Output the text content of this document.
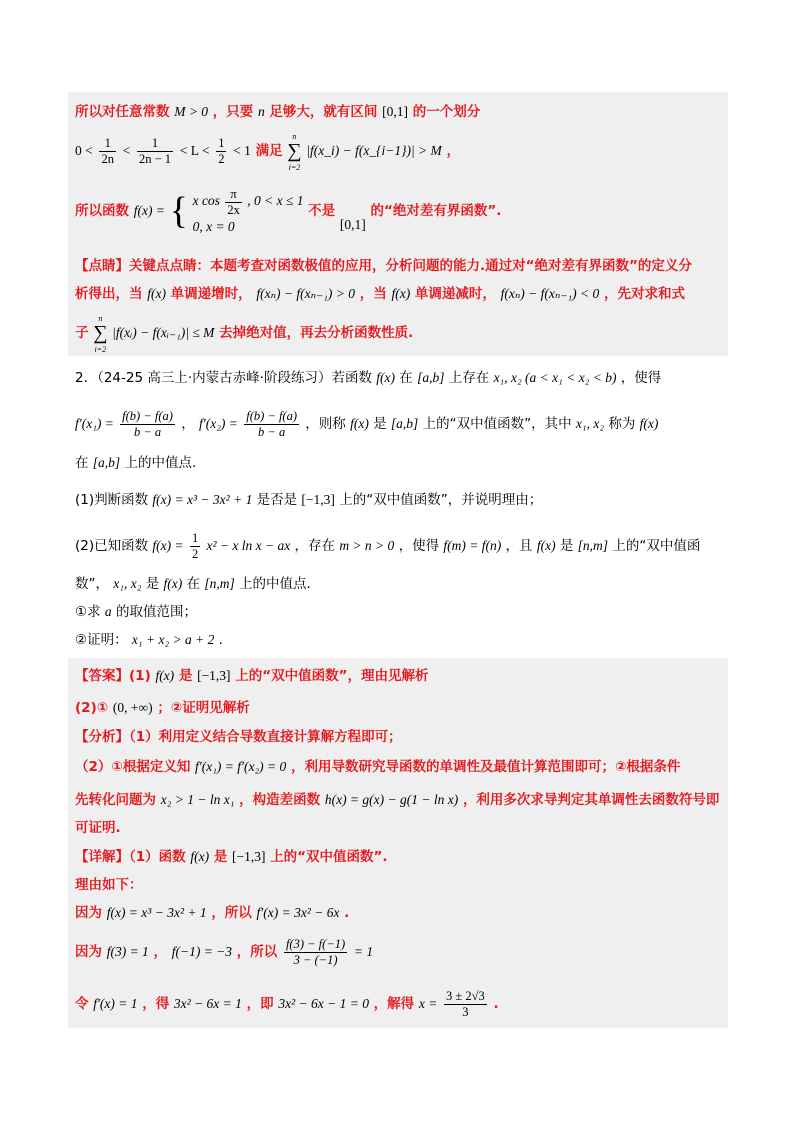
所以对任意常数 M > 0 ，只要 n 足够大，就有区间 [0,1] 的一个划分
$0 < \frac{1}{2n} < \frac{1}{2n - 1} < L < \frac{1}{2} < 1$ 满足 n
∑
i=2 |f(x_i) − f(x_{i−1})| > M ，
所以函数 f(x) = { x $\cos \frac{\pi}{2x}$ , 0 < x ≤ 1
0, x = 0 不是 [0,1] 的“绝对差有界函数”.
【点睛】关键点点睛：本题考查对函数极值的应用，分析问题的能力.通过对“绝对差有界函数”的定义分
析得出，当 f(x) 单调递增时， f(xₙ) − f(xₙ₋₁) > 0 ，当 f(x) 单调递减时， f(xₙ) − f(xₙ₋₁) < 0 ，先对求和式
子 n
∑
i=2 |f(xᵢ) − f(xᵢ₋₁)| ≤ M 去掉绝对值，再去分析函数性质.
2．（24-25 高三上·内蒙古赤峰·阶段练习）若函数 f(x) 在 [a,b] 上存在 x₁, x₂ (a < x₁ < x₂ < b) ，使得
$f'(x_1) = \frac{f(b) - f(a)}{b - a}$ ， $f'(x_2) = \frac{f(b) - f(a)}{b - a}$ ，则称 f(x) 是 [a,b] 上的“双中值函数”，其中 x₁, x₂ 称为 f(x)
在 [a,b] 上的中值点.
(1)判断函数 f(x) = x³ − 3x² + 1 是否是 [−1,3] 上的“双中值函数”，并说明理由；
(2)已知函数 $f(x) = \frac{1}{2} x^2 - x$ ln x − ax ，存在 m > n > 0 ，使得 f(m) = f(n) ，且 f(x) 是 [n,m] 上的“双中值函
数”， x₁, x₂ 是 f(x) 在 [n,m] 上的中值点.
①求 a 的取值范围；
②证明： x₁ + x₂ > a + 2 .
【答案】(1) f(x) 是 [−1,3] 上的“双中值函数”，理由见解析
(2)① (0, +∞) ；②证明见解析
【分析】（1）利用定义结合导数直接计算解方程即可；
（2）①根据定义知 f′(x₁) = f′(x₂) = 0 ，利用导数研究导函数的单调性及最值计算范围即可；②根据条件
先转化问题为 x₂ > 1 − ln x₁ ，构造差函数 h(x) = g(x) − g(1 − ln x) ，利用多次求导判定其单调性去函数符号即
可证明.
【详解】（1）函数 f(x) 是 [−1,3] 上的“双中值函数”.
理由如下：
因为 f(x) = x³ − 3x² + 1 ，所以 f′(x) = 3x² − 6x .
因为 f(3) = 1 ， f(−1) = −3 ，所以 $\frac{f(3) - f(-1)}{3 - (-1)} = 1$
令 f′(x) = 1 ，得 3x² − 6x = 1 ，即 3x² − 6x − 1 = 0 ，解得 $x = \frac{3 \pm 2√3}{3}$ .
